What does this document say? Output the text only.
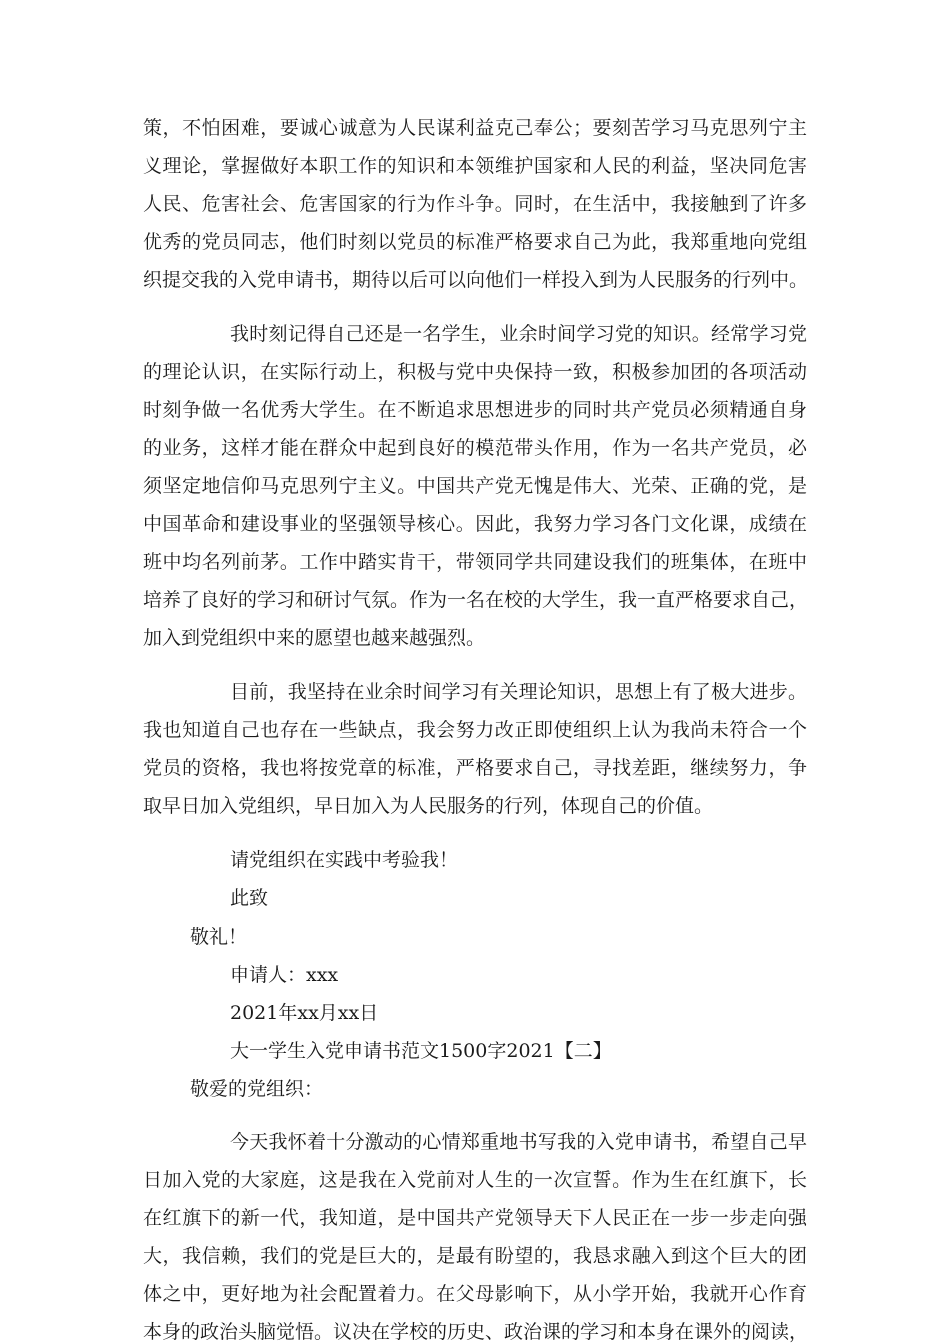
策，不怕困难，要诚心诚意为人民谋利益克己奉公；要刻苦学习马克思列宁主

义理论，掌握做好本职工作的知识和本领维护国家和人民的利益，坚决同危害

人民、危害社会、危害国家的行为作斗争。同时，在生活中，我接触到了许多

优秀的党员同志，他们时刻以党员的标准严格要求自己为此，我郑重地向党组

织提交我的入党申请书，期待以后可以向他们一样投入到为人民服务的行列中。

我时刻记得自己还是一名学生，业余时间学习党的知识。经常学习党

的理论认识，在实际行动上，积极与党中央保持一致，积极参加团的各项活动

时刻争做一名优秀大学生。在不断追求思想进步的同时共产党员必须精通自身

的业务，这样才能在群众中起到良好的模范带头作用，作为一名共产党员，必

须坚定地信仰马克思列宁主义。中国共产党无愧是伟大、光荣、正确的党，是

中国革命和建设事业的坚强领导核心。因此，我努力学习各门文化课，成绩在

班中均名列前茅。工作中踏实肯干，带领同学共同建设我们的班集体，在班中

培养了良好的学习和研讨气氛。作为一名在校的大学生，我一直严格要求自己，

加入到党组织中来的愿望也越来越强烈。

目前，我坚持在业余时间学习有关理论知识，思想上有了极大进步。

我也知道自己也存在一些缺点，我会努力改正即使组织上认为我尚未符合一个

党员的资格，我也将按党章的标准，严格要求自己，寻找差距，继续努力，争

取早日加入党组织，早日加入为人民服务的行列，体现自己的价值。

请党组织在实践中考验我！

此致

敬礼！

申请人：xxx

2021年xx月xx日

大一学生入党申请书范文1500字2021【二】

敬爱的党组织：

今天我怀着十分激动的心情郑重地书写我的入党申请书，希望自己早

日加入党的大家庭，这是我在入党前对人生的一次宣誓。作为生在红旗下，长

在红旗下的新一代，我知道，是中国共产党领导天下人民正在一步一步走向强

大，我信赖，我们的党是巨大的，是最有盼望的，我恳求融入到这个巨大的团

体之中，更好地为社会配置着力。在父母影响下，从小学开始，我就开心作育

本身的政治头脑觉悟。议决在学校的历史、政治课的学习和本身在课外的阅读，
